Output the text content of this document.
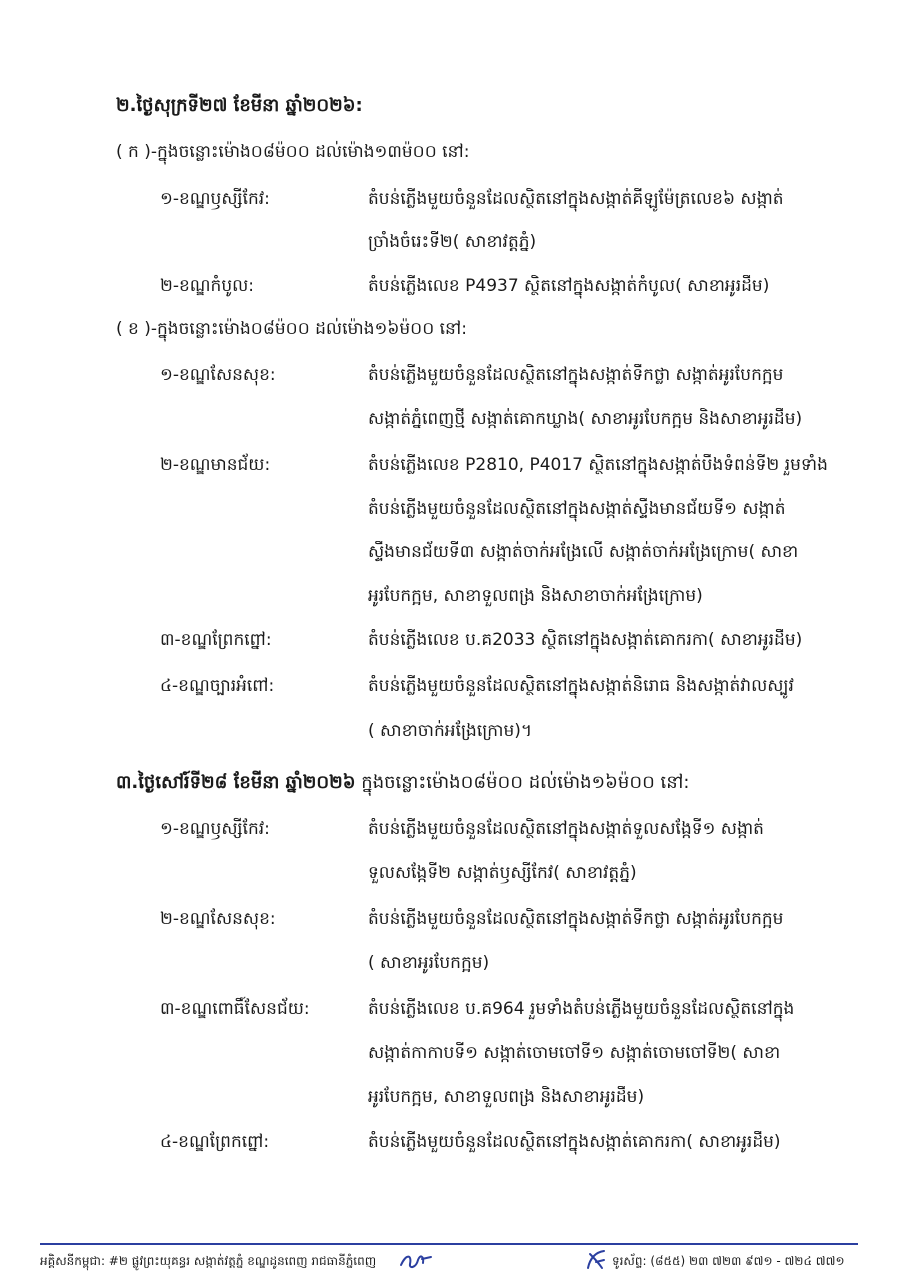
២.ថ្ងៃសុក្រទី២៧ ខែមីនា ឆ្នាំ២០២៦:
( ក )-ក្នុងចន្លោះម៉ោង០៨ម៉០០ ដល់ម៉ោង១៣ម៉០០ នៅ:
១-ខណ្ឌឫស្សីកែវ:	តំបន់ភ្លើងមួយចំនួនដែលស្ថិតនៅក្នុងសង្កាត់គីឡូម៉ែត្រលេខ៦ សង្កាត់
ច្រាំងចំរេះទី២( សាខាវត្តភ្នំ)
២-ខណ្ឌកំបូល:	តំបន់ភ្លើងលេខ P4937 ស្ថិតនៅក្នុងសង្កាត់កំបូល( សាខាអូរដឹម)
( ខ )-ក្នុងចន្លោះម៉ោង០៨ម៉០០ ដល់ម៉ោង១៦ម៉០០ នៅ:
១-ខណ្ឌសែនសុខ:	តំបន់ភ្លើងមួយចំនួនដែលស្ថិតនៅក្នុងសង្កាត់ទឹកថ្លា សង្កាត់អូរបែកក្អម
សង្កាត់ភ្នំពេញថ្មី សង្កាត់គោកឃ្លាង( សាខាអូរបែកក្អម និងសាខាអូរដឹម)
២-ខណ្ឌមានជ័យ:	តំបន់ភ្លើងលេខ P2810, P4017 ស្ថិតនៅក្នុងសង្កាត់បឹងទំពន់ទី២ រួមទាំង
តំបន់ភ្លើងមួយចំនួនដែលស្ថិតនៅក្នុងសង្កាត់ស្ទឹងមានជ័យទី១ សង្កាត់
ស្ទឹងមានជ័យទី៣ សង្កាត់ចាក់អង្រែលើ សង្កាត់ចាក់អង្រែក្រោម( សាខា
អូរបែកក្អម, សាខាទួលពង្រ និងសាខាចាក់អង្រែក្រោម)
៣-ខណ្ឌព្រែកព្នៅ:	តំបន់ភ្លើងលេខ ប.គ2033 ស្ថិតនៅក្នុងសង្កាត់គោករកា( សាខាអូរដឹម)
៤-ខណ្ឌច្បារអំពៅ:	តំបន់ភ្លើងមួយចំនួនដែលស្ថិតនៅក្នុងសង្កាត់និរោធ និងសង្កាត់វាលស្បូវ
( សាខាចាក់អង្រែក្រោម)។
៣.ថ្ងៃសៅរ៍ទី២៨ ខែមីនា ឆ្នាំ២០២៦ ក្នុងចន្លោះម៉ោង០៨ម៉០០ ដល់ម៉ោង១៦ម៉០០ នៅ:
១-ខណ្ឌឫស្សីកែវ:	តំបន់ភ្លើងមួយចំនួនដែលស្ថិតនៅក្នុងសង្កាត់ទួលសង្កែទី១ សង្កាត់
ទួលសង្កែទី២ សង្កាត់ឫស្សីកែវ( សាខាវត្តភ្នំ)
២-ខណ្ឌសែនសុខ:	តំបន់ភ្លើងមួយចំនួនដែលស្ថិតនៅក្នុងសង្កាត់ទឹកថ្លា សង្កាត់អូរបែកក្អម
( សាខាអូរបែកក្អម)
៣-ខណ្ឌពោធិ៍សែនជ័យ:	តំបន់ភ្លើងលេខ ប.គ964 រួមទាំងតំបន់ភ្លើងមួយចំនួនដែលស្ថិតនៅក្នុង
សង្កាត់កាកាបទី១ សង្កាត់ចោមចៅទី១ សង្កាត់ចោមចៅទី២( សាខា
អូរបែកក្អម, សាខាទួលពង្រ និងសាខាអូរដឹម)
៤-ខណ្ឌព្រែកព្នៅ:	តំបន់ភ្លើងមួយចំនួនដែលស្ថិតនៅក្នុងសង្កាត់គោករកា( សាខាអូរដឹម)
អគ្គិសនីកម្ពុជា: #២ ផ្លូវព្រះយុគន្ធរ សង្កាត់វត្តភ្នំ ខណ្ឌដូនពេញ រាជធានីភ្នំពេញ	ទូរស័ព្ទ: (៨៥៥) ២៣ ៧២៣ ៩៧១ - ៧២៤ ៧៧១
